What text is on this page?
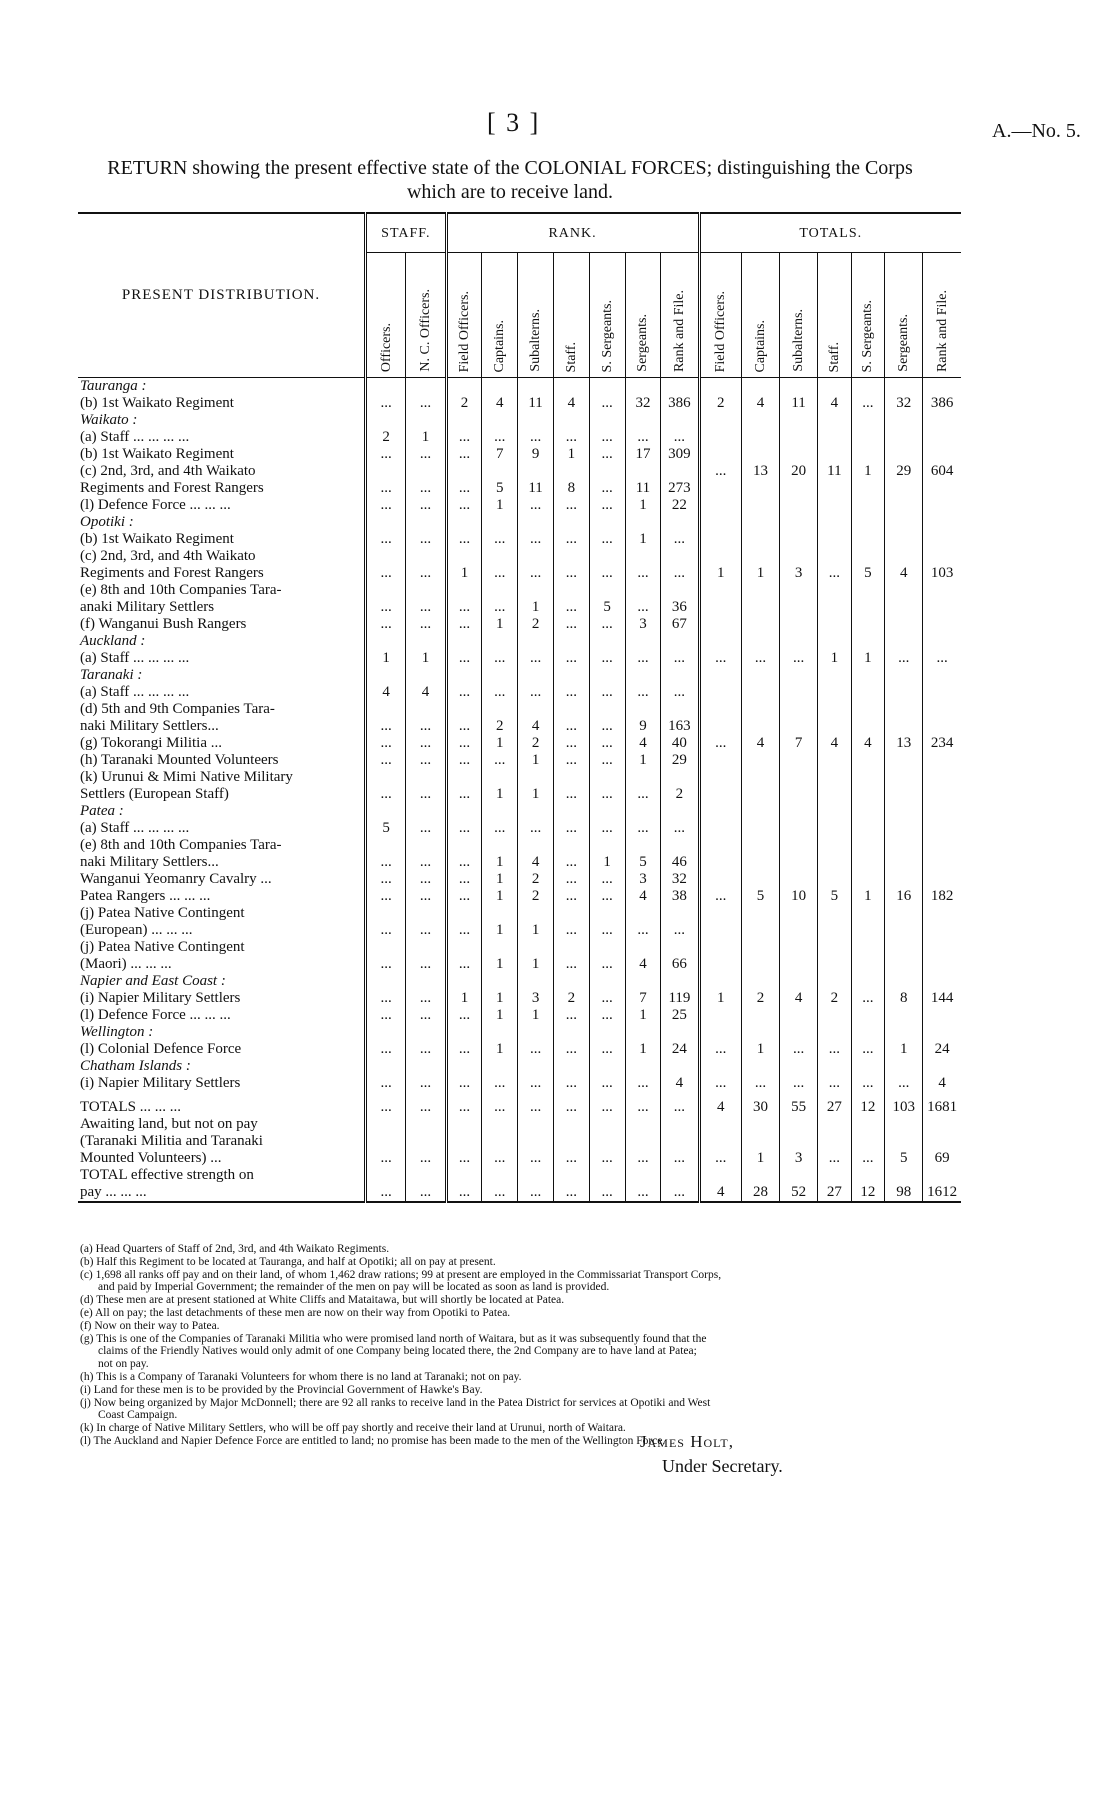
[ 3 ]	A.—No. 5.
RETURN showing the present effective state of the COLONIAL FORCES; distinguishing the Corps
which are to receive land.
PRESENT DISTRIBUTION.	STAFF.		RANK.							TOTALS.						
	Officers.	N. C. Officers.	Field Officers.	Captains.	Subalterns.	Staff.	S. Sergeants.	Sergeants.	Rank and File.	Field Officers.	Captains.	Subalterns.	Staff.	S. Sergeants.	Sergeants.	Rank and File.
Tauranga :																
(b) 1st Waikato Regiment	...	...	2	4	11	4	...	32	386	2	4	11	4	...	32	386
Waikato :																
(a) Staff ... ... ... ...	2	1	...	...	...	...	...	...	...							
(b) 1st Waikato Regiment	...	...	...	7	9	1	...	17	309							
(c) 2nd, 3rd, and 4th Waikato										...	13	20	11	1	29	604
Regiments and Forest Rangers	...	...	...	5	11	8	...	11	273							
(l) Defence Force ... ... ...	...	...	...	1	...	...	...	1	22							
Opotiki :																
(b) 1st Waikato Regiment	...	...	...	...	...	...	...	1	...							
(c) 2nd, 3rd, and 4th Waikato																
Regiments and Forest Rangers	...	...	1	...	...	...	...	...	...	1	1	3	...	5	4	103
(e) 8th and 10th Companies Tara-																
anaki Military Settlers	...	...	...	...	1	...	5	...	36							
(f) Wanganui Bush Rangers	...	...	...	1	2	...	...	3	67							
Auckland :																
(a) Staff ... ... ... ...	1	1	...	...	...	...	...	...	...	...	...	...	1	1	...	...
Taranaki :																
(a) Staff ... ... ... ...	4	4	...	...	...	...	...	...	...							
(d) 5th and 9th Companies Tara-																
naki Military Settlers...	...	...	...	2	4	...	...	9	163							
(g) Tokorangi Militia ...	...	...	...	1	2	...	...	4	40	...	4	7	4	4	13	234
(h) Taranaki Mounted Volunteers	...	...	...	...	1	...	...	1	29							
(k) Urunui & Mimi Native Military																
Settlers (European Staff)	...	...	...	1	1	...	...	...	2							
Patea :																
(a) Staff ... ... ... ...	5	...	...	...	...	...	...	...	...							
(e) 8th and 10th Companies Tara-																
naki Military Settlers...	...	...	...	1	4	...	1	5	46							
Wanganui Yeomanry Cavalry ...	...	...	...	1	2	...	...	3	32							
Patea Rangers ... ... ...	...	...	...	1	2	...	...	4	38	...	5	10	5	1	16	182
(j) Patea Native Contingent																
(European) ... ... ...	...	...	...	1	1	...	...	...	...							
(j) Patea Native Contingent																
(Maori) ... ... ...	...	...	...	1	1	...	...	4	66							
Napier and East Coast :																
(i) Napier Military Settlers	...	...	1	1	3	2	...	7	119	1	2	4	2	...	8	144
(l) Defence Force ... ... ...	...	...	...	1	1	...	...	1	25							
Wellington :																
(l) Colonial Defence Force	...	...	...	1	...	...	...	1	24	...	1	...	...	...	1	24
Chatham Islands :																
(i) Napier Military Settlers	...	...	...	...	...	...	...	...	4	...	...	...	...	...	...	4
TOTALS ... ... ...	...	...	...	...	...	...	...	...	...	4	30	55	27	12	103	1681
Awaiting land, but not on pay																
(Taranaki Militia and Taranaki																
Mounted Volunteers) ...	...	...	...	...	...	...	...	...	...	...	1	3	...	...	5	69
TOTAL effective strength on																
pay ... ... ...	...	...	...	...	...	...	...	...	...	4	28	52	27	12	98	1612
(a) Head Quarters of Staff of 2nd, 3rd, and 4th Waikato Regiments.
(b) Half this Regiment to be located at Tauranga, and half at Opotiki; all on pay at present.
(c) 1,698 all ranks off pay and on their land, of whom 1,462 draw rations; 99 at present are employed in the Commissariat Transport Corps,
and paid by Imperial Government; the remainder of the men on pay will be located as soon as land is provided.
(d) These men are at present stationed at White Cliffs and Mataitawa, but will shortly be located at Patea.
(e) All on pay; the last detachments of these men are now on their way from Opotiki to Patea.
(f) Now on their way to Patea.
(g) This is one of the Companies of Taranaki Militia who were promised land north of Waitara, but as it was subsequently found that the
claims of the Friendly Natives would only admit of one Company being located there, the 2nd Company are to have land at Patea;
not on pay.
(h) This is a Company of Taranaki Volunteers for whom there is no land at Taranaki; not on pay.
(i) Land for these men is to be provided by the Provincial Government of Hawke's Bay.
(j) Now being organized by Major McDonnell; there are 92 all ranks to receive land in the Patea District for services at Opotiki and West
Coast Campaign.
(k) In charge of Native Military Settlers, who will be off pay shortly and receive their land at Urunui, north of Waitara.
(l) The Auckland and Napier Defence Force are entitled to land; no promise has been made to the men of the Wellington Force.
James Holt,
Under Secretary.
